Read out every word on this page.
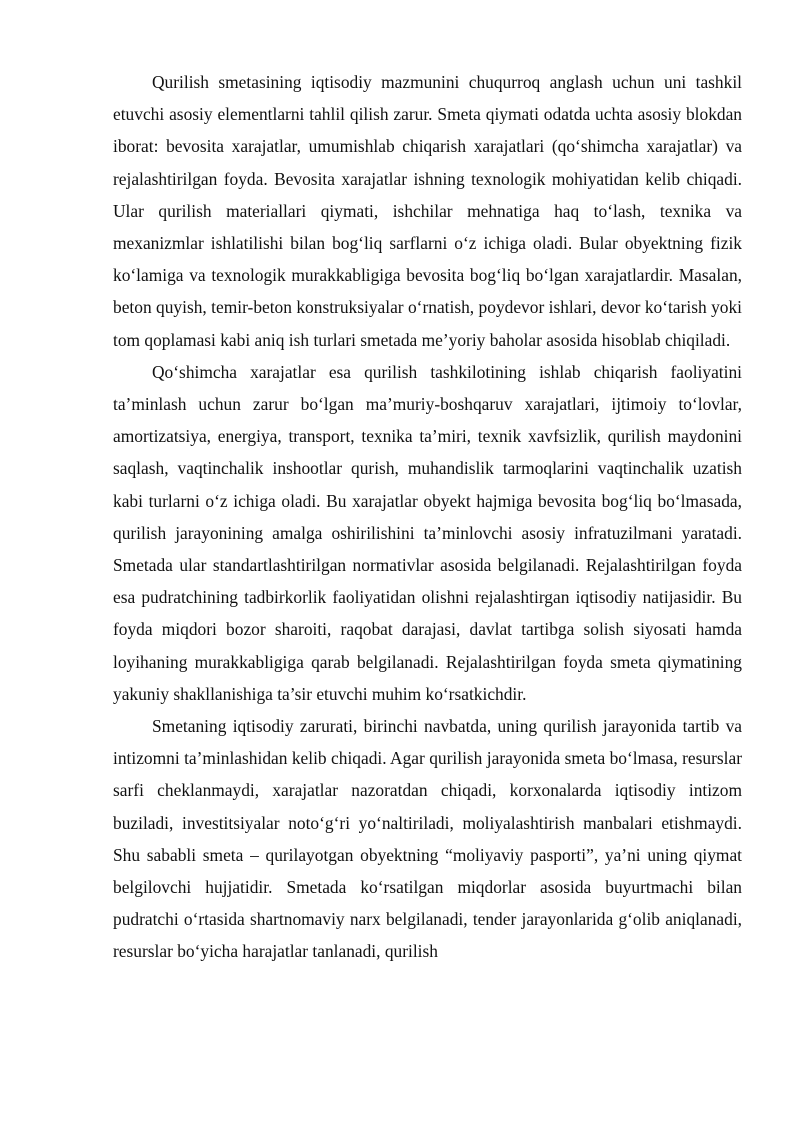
Qurilish smetasining iqtisodiy mazmunini chuqurroq anglash uchun uni tashkil etuvchi asosiy elementlarni tahlil qilish zarur. Smeta qiymati odatda uchta asosiy blokdan iborat: bevosita xarajatlar, umumishlab chiqarish xarajatlari (qo‘shimcha xarajatlar) va rejalashtirilgan foyda. Bevosita xarajatlar ishning texnologik mohiyatidan kelib chiqadi. Ular qurilish materiallari qiymati, ishchilar mehnatiga haq to‘lash, texnika va mexanizmlar ishlatilishi bilan bog‘liq sarflarni o‘z ichiga oladi. Bular obyektning fizik ko‘lamiga va texnologik murakkabligiga bevosita bog‘liq bo‘lgan xarajatlardir. Masalan, beton quyish, temir-beton konstruksiyalar o‘rnatish, poydevor ishlari, devor ko‘tarish yoki tom qoplamasi kabi aniq ish turlari smetada me’yoriy baholar asosida hisoblab chiqiladi.

Qo‘shimcha xarajatlar esa qurilish tashkilotining ishlab chiqarish faoliyatini ta’minlash uchun zarur bo‘lgan ma’muriy-boshqaruv xarajatlari, ijtimoiy to‘lovlar, amortizatsiya, energiya, transport, texnika ta’miri, texnik xavfsizlik, qurilish maydonini saqlash, vaqtinchalik inshootlar qurish, muhandislik tarmoqlarini vaqtinchalik uzatish kabi turlarni o‘z ichiga oladi. Bu xarajatlar obyekt hajmiga bevosita bog‘liq bo‘lmasada, qurilish jarayonining amalga oshirilishini ta’minlovchi asosiy infratuzilmani yaratadi. Smetada ular standartlashtirilgan normativlar asosida belgilanadi. Rejalashtirilgan foyda esa pudratchining tadbirkorlik faoliyatidan olishni rejalashtirgan iqtisodiy natijasidir. Bu foyda miqdori bozor sharoiti, raqobat darajasi, davlat tartibga solish siyosati hamda loyihaning murakkabligiga qarab belgilanadi. Rejalashtirilgan foyda smeta qiymatining yakuniy shakllanishiga ta’sir etuvchi muhim ko‘rsatkichdir.

Smetaning iqtisodiy zarurati, birinchi navbatda, uning qurilish jarayonida tartib va intizomni ta’minlashidan kelib chiqadi. Agar qurilish jarayonida smeta bo‘lmasa, resurslar sarfi cheklanmaydi, xarajatlar nazoratdan chiqadi, korxonalarda iqtisodiy intizom buziladi, investitsiyalar noto‘g‘ri yo‘naltiriladi, moliyalashtirish manbalari etishmaydi. Shu sababli smeta – qurilayotgan obyektning “moliyaviy pasporti”, ya’ni uning qiymat belgilovchi hujjatidir. Smetada ko‘rsatilgan miqdorlar asosida buyurtmachi bilan pudratchi o‘rtasida shartnomaviy narx belgilanadi, tender jarayonlarida g‘olib aniqlanadi, resurslar bo‘yicha harajatlar tanlanadi, qurilish
